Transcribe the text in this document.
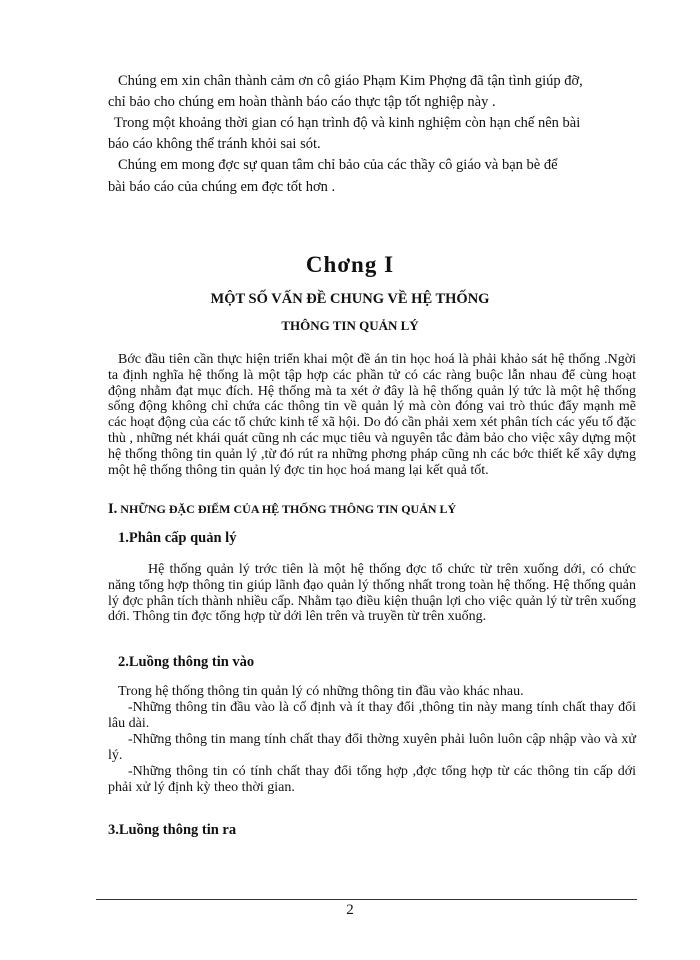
Chúng em xin chân thành cảm ơn cô giáo Phạm Kim Phợng đã tận tình giúp đỡ,
chỉ bảo cho chúng em hoàn thành báo cáo thực tập tốt nghiệp này .
Trong một khoảng thời gian có hạn trình độ và kinh nghiệm còn hạn chế nên bài
báo cáo không thể tránh khỏi sai sót.
Chúng em mong đợc sự quan tâm chỉ bảo của các thầy cô giáo và bạn bè để
bài báo cáo của chúng em đợc tốt hơn .
Chơng I
MỘT SỐ VẤN ĐỀ CHUNG VỀ HỆ THỐNG
THÔNG TIN QUẢN LÝ
Bớc đầu tiên cần thực hiện triển khai một đề án tin học hoá là phải khảo sát hệ thống .Ngời ta định nghĩa hệ thống là một tập hợp các phần tử có các ràng buộc lẫn nhau để cùng hoạt động nhằm đạt mục đích. Hệ thống mà ta xét ở đây là hệ thống quản lý tức là một hệ thống sống động không chỉ chứa các thông tin về quản lý mà còn đóng vai trò thúc đẩy mạnh mẽ các hoạt động của các tổ chức kinh tế xã hội. Do đó cần phải xem xét phân tích các yếu tố đặc thù , những nét khái quát cũng nh các mục tiêu và nguyên tắc đảm bảo cho việc xây dựng một hệ thống thông tin quản lý ,từ đó rút ra những phơng pháp cũng nh các bớc thiết kế xây dựng một hệ thống thông tin quản lý đợc tin học hoá mang lại kết quả tốt.
I. NHỮNG ĐẶC ĐIỂM CỦA HỆ THỐNG THÔNG TIN QUẢN LÝ
1.Phân cấp quản lý
Hệ thống quản lý trớc tiên là một hệ thống đợc tổ chức từ trên xuống dới, có chức năng tổng hợp thông tin giúp lãnh đạo quản lý thống nhất trong toàn hệ thống. Hệ thống quản lý đợc phân tích thành nhiều cấp. Nhằm tạo điều kiện thuận lợi cho việc quản lý từ trên xuống dới. Thông tin đợc tổng hợp từ dới lên trên và truyền từ trên xuống.
2.Luồng thông tin vào
Trong hệ thống thông tin quản lý có những thông tin đầu vào khác nhau.
-Những thông tin đầu vào là cố định và ít thay đổi ,thông tin này mang tính chất thay đổi lâu dài.
-Những thông tin mang tính chất thay đổi thờng xuyên phải luôn luôn cập nhập vào và xử lý.
-Những thông tin có tính chất thay đổi tổng hợp ,đợc tổng hợp từ các thông tin cấp dới phải xử lý định kỳ theo thời gian.
3.Luồng thông tin ra
2
